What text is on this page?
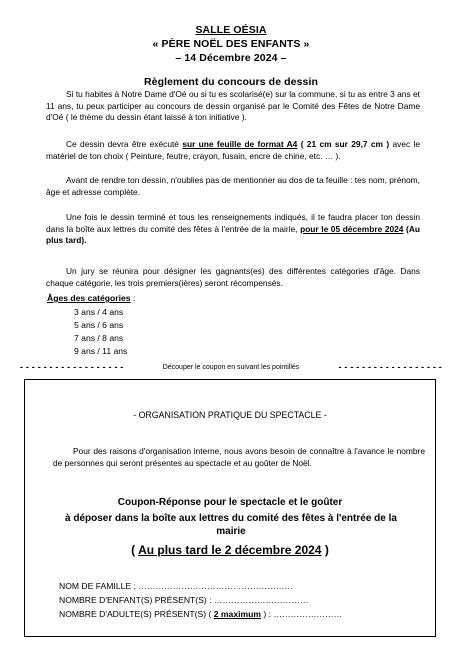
SALLE OÉSIA
« PÈRE NOËL DES ENFANTS »
– 14 Décembre 2024 –
Règlement du concours de dessin
Si tu habites à Notre Dame d'Oé ou si tu es scolarisé(e) sur la commune, si tu as entre 3 ans et 11 ans, tu peux participer au concours de dessin organisé par le Comité des Fêtes de Notre Dame d'Oé ( le thème du dessin étant laissé à ton initiative ).
Ce dessin devra être exécuté sur une feuille de format A4 ( 21 cm sur 29,7 cm ) avec le matériel de ton choix ( Peinture, feutre, crayon, fusain, encre de chine, etc. … ).
Avant de rendre ton dessin, n'oublies pas de mentionner au dos de ta feuille : tes nom, prénom, âge et adresse complète.
Une fois le dessin terminé et tous les renseignements indiqués, il te faudra placer ton dessin dans la boîte aux lettres du comité des fêtes à l'entrée de la mairie, pour le 05 décembre 2024 (Au plus tard).
Un jury se réunira pour désigner les gagnants(es) des différentes catégories d'âge. Dans chaque catégorie, les trois premiers(ières) seront récompensés.
Âges des catégories :
3 ans / 4 ans
5 ans / 6 ans
7 ans / 8 ans
9 ans / 11 ans
- - - - - - - - - - - - - - - - - -	Découper le coupon en suivant les pointillés	- - - - - - - - - - - - - - - - - -
- ORGANISATION PRATIQUE DU SPECTACLE -
Pour des raisons d'organisation interne, nous avons besoin de connaître à l'avance le nombre de personnes qui seront présentes au spectacle et au goûter de Noël.
Coupon-Réponse pour le spectacle et le goûter
à déposer dans la boîte aux lettres du comité des fêtes à l'entrée de la mairie
( Au plus tard le 2 décembre 2024 )
NOM DE FAMILLE : ………………………………………………
NOMBRE D'ENFANT(S) PRÉSENT(S) : ……………………………
NOMBRE D'ADULTE(S) PRÉSENT(S) ( 2 maximum ) : ……………………
